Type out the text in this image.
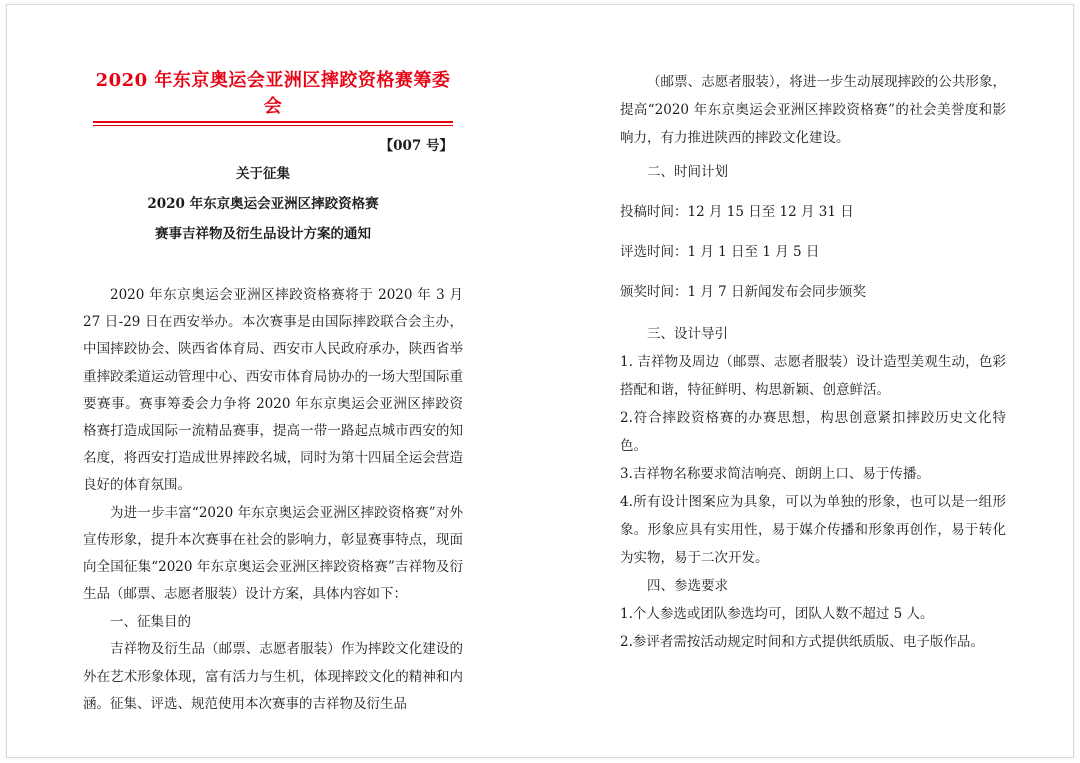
2020 年东京奥运会亚洲区摔跤资格赛筹委会
【007 号】
关于征集
2020 年东京奥运会亚洲区摔跤资格赛
赛事吉祥物及衍生品设计方案的通知

2020 年东京奥运会亚洲区摔跤资格赛将于 2020 年 3 月 27 日-29 日在西安举办。本次赛事是由国际摔跤联合会主办，中国摔跤协会、陕西省体育局、西安市人民政府承办，陕西省举重摔跤柔道运动管理中心、西安市体育局协办的一场大型国际重要赛事。赛事筹委会力争将 2020 年东京奥运会亚洲区摔跤资格赛打造成国际一流精品赛事，提高一带一路起点城市西安的知名度，将西安打造成世界摔跤名城，同时为第十四届全运会营造良好的体育氛围。

为进一步丰富“2020 年东京奥运会亚洲区摔跤资格赛”对外宣传形象，提升本次赛事在社会的影响力，彰显赛事特点，现面向全国征集“2020 年东京奥运会亚洲区摔跤资格赛”吉祥物及衍生品（邮票、志愿者服装）设计方案，具体内容如下：

一、征集目的

吉祥物及衍生品（邮票、志愿者服装）作为摔跤文化建设的外在艺术形象体现，富有活力与生机，体现摔跤文化的精神和内涵。征集、评选、规范使用本次赛事的吉祥物及衍生品

（邮票、志愿者服装），将进一步生动展现摔跤的公共形象，提高“2020 年东京奥运会亚洲区摔跤资格赛”的社会美誉度和影响力，有力推进陕西的摔跤文化建设。

二、时间计划

投稿时间：12 月 15 日至 12 月 31 日

评选时间：1 月 1 日至 1 月 5 日

颁奖时间：1 月 7 日新闻发布会同步颁奖

三、设计导引

1. 吉祥物及周边（邮票、志愿者服装）设计造型美观生动，色彩搭配和谐，特征鲜明、构思新颖、创意鲜活。

2.符合摔跤资格赛的办赛思想，构思创意紧扣摔跤历史文化特色。

3.吉祥物名称要求简洁响亮、朗朗上口、易于传播。

4.所有设计图案应为具象，可以为单独的形象，也可以是一组形象。形象应具有实用性，易于媒介传播和形象再创作，易于转化为实物，易于二次开发。

四、参选要求

1.个人参选或团队参选均可，团队人数不超过 5 人。

2.参评者需按活动规定时间和方式提供纸质版、电子版作品。
